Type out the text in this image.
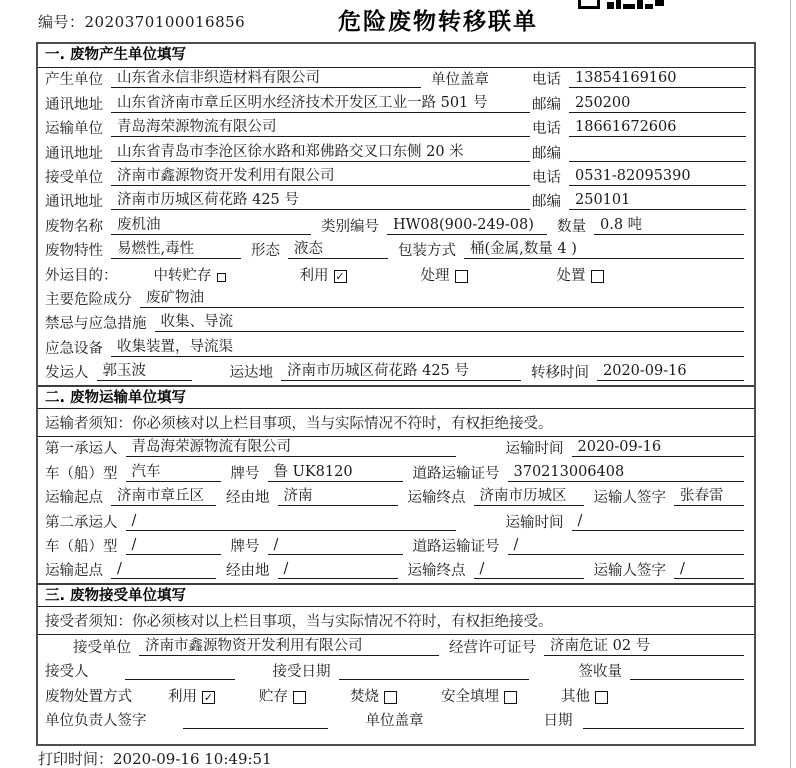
编号：2020370100016856	危险废物转移联单
一. 废物产生单位填写
产生单位 山东省永信非织造材料有限公司	单位盖章	电话 13854169160
通讯地址 山东省济南市章丘区明水经济技术开发区工业一路 501 号	邮编 250200
运输单位 青岛海荣源物流有限公司	电话 18661672606
通讯地址 山东省青岛市李沧区徐水路和郑佛路交叉口东侧 20 米	邮编
接受单位 济南市鑫源物资开发利用有限公司	电话 0531-82095390
通讯地址 济南市历城区荷花路 425 号	邮编 250101
废物名称 废机油	类别编号 HW08(900-249-08)	数量 0.8 吨
废物特性 易燃性,毒性	形态 液态	包装方式 桶(金属,数量 4 )
外运目的： 中转贮存	利用 ✓	处理	处置
主要危险成分 废矿物油
禁忌与应急措施 收集、导流
应急设备 收集装置，导流渠
发运人 郭玉波	运达地 济南市历城区荷花路 425 号	转移时间 2020-09-16
二. 废物运输单位填写
运输者须知：你必须核对以上栏目事项，当与实际情况不符时，有权拒绝接受。
第一承运人 青岛海荣源物流有限公司	运输时间 2020-09-16
车（船）型 汽车	牌号 鲁 UK8120	道路运输证号 370213006408
运输起点 济南市章丘区	经由地 济南	运输终点 济南市历城区	运输人签字 张春雷
第二承运人 /	运输时间 /
车（船）型 /	牌号 /	道路运输证号 /
运输起点 /	经由地 /	运输终点 /	运输人签字 /
三. 废物接受单位填写
接受者须知：你必须核对以上栏目事项，当与实际情况不符时，有权拒绝接受。
接受单位 济南市鑫源物资开发利用有限公司	经营许可证号 济南危证 02 号
接受人	接受日期	签收量
废物处置方式 利用 ✓	贮存	焚烧	安全填埋	其他
单位负责人签字	单位盖章	日期
打印时间：2020-09-16 10:49:51
